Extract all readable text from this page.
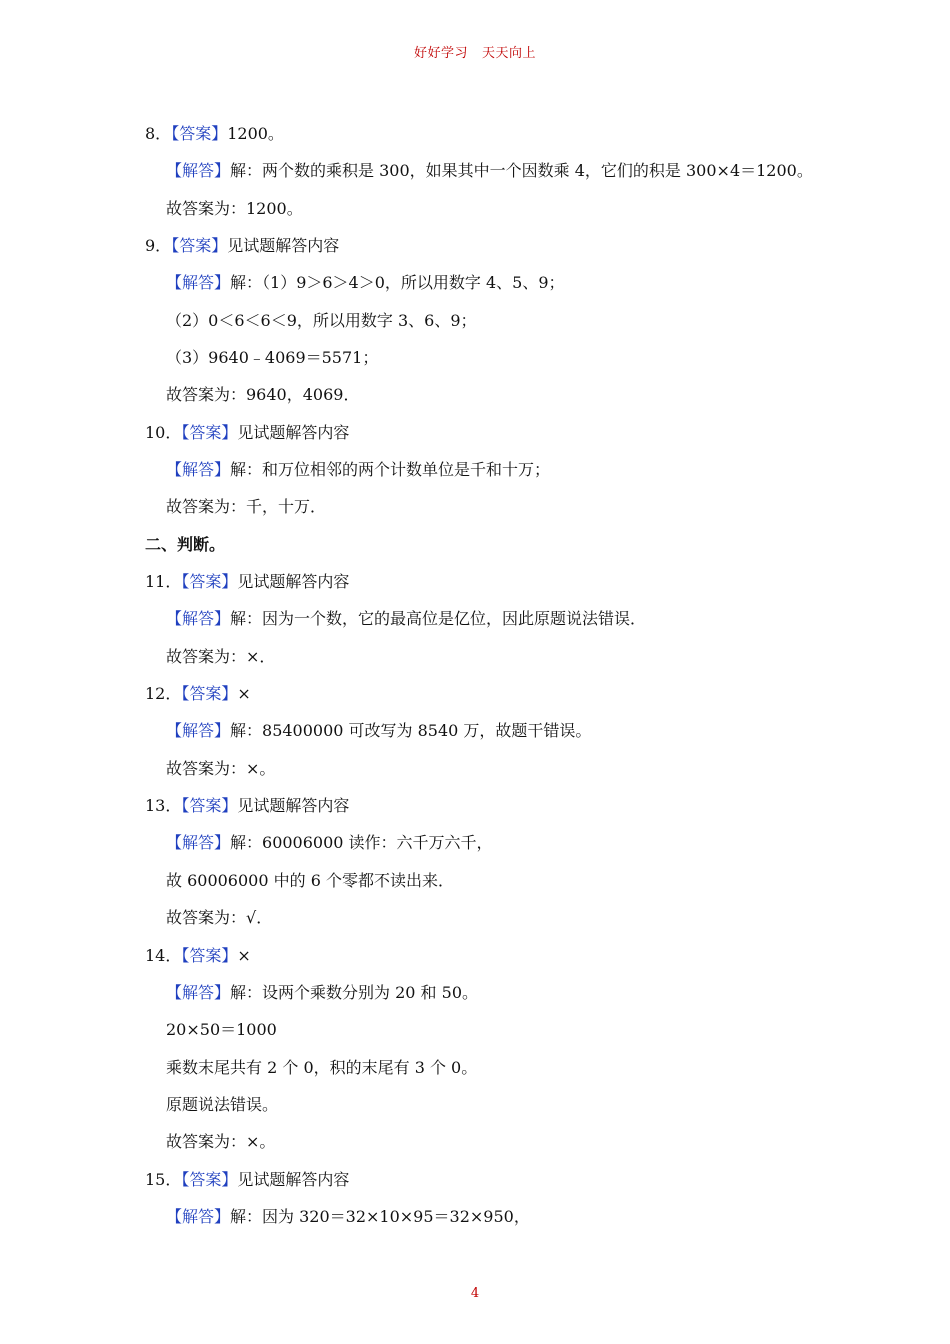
好好学习 天天向上
8．【答案】1200。
【解答】解：两个数的乘积是 300，如果其中一个因数乘 4，它们的积是 300×4＝1200。
故答案为：1200。
9．【答案】见试题解答内容
【解答】解：（1）9＞6＞4＞0，所以用数字 4、5、9；
（2）0＜6＜6＜9，所以用数字 3、6、9；
（3）9640﹣4069＝5571；
故答案为：9640，4069．
10．【答案】见试题解答内容
【解答】解：和万位相邻的两个计数单位是千和十万；
故答案为：千，十万．
二、判断。
11．【答案】见试题解答内容
【解答】解：因为一个数，它的最高位是亿位，因此原题说法错误．
故答案为：×．
12．【答案】×
【解答】解：85400000 可改写为 8540 万，故题干错误。
故答案为：×。
13．【答案】见试题解答内容
【解答】解：60006000 读作：六千万六千，
故 60006000 中的 6 个零都不读出来．
故答案为：√．
14．【答案】×
【解答】解：设两个乘数分别为 20 和 50。
20×50＝1000
乘数末尾共有 2 个 0，积的末尾有 3 个 0。
原题说法错误。
故答案为：×。
15．【答案】见试题解答内容
【解答】解：因为 320＝32×10×95＝32×950，
4
